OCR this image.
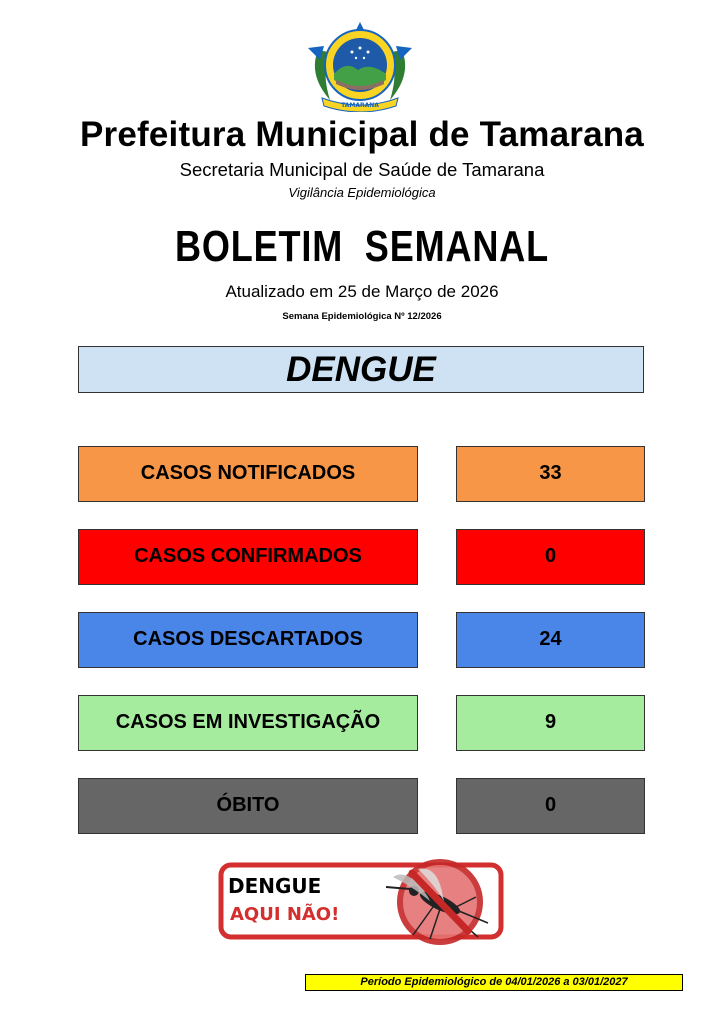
TAMARANA
Prefeitura Municipal de Tamarana
Secretaria Municipal de Saúde de Tamarana
Vigilância Epidemiológica
BOLETIM  SEMANAL
Atualizado em 25 de Março de 2026
Semana Epidemiológica Nº 12/2026
DENGUE
CASOS NOTIFICADOS	33
CASOS CONFIRMADOS	0
CASOS DESCARTADOS	24
CASOS EM INVESTIGAÇÃO	9
ÓBITO	0
DENGUE
AQUI NÃO!
Período Epidemiológico de 04/01/2026 a 03/01/2027
